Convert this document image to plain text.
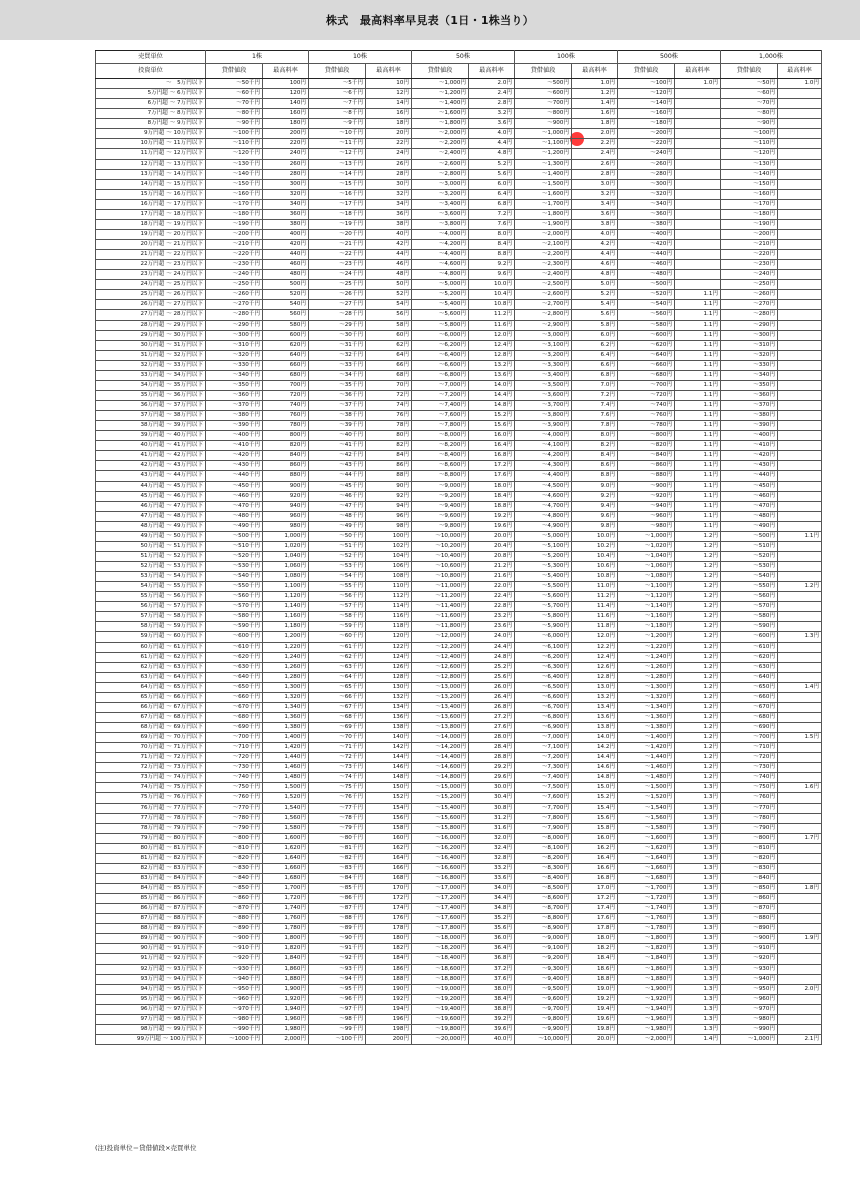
株式　最高料率早見表（1日・1株当り）
売買単位	1株		10株		50株		100株		500株		1,000株	
投資単位	貸借値段	最高料率	貸借値段	最高料率	貸借値段	最高料率	貸借値段	最高料率	貸借値段	最高料率	貸借値段	最高料率
～　5万円以下	～50千円	100円	～5千円	10円	～1,000円	2.0円	～500円	1.0円	～100円	1.0円	～50円	1.0円
5万円超 ～ 6万円以下	～60千円	120円	～6千円	12円	～1,200円	2.4円	～600円	1.2円	～120円		～60円	
6万円超 ～ 7万円以下	～70千円	140円	～7千円	14円	～1,400円	2.8円	～700円	1.4円	～140円		～70円	
7万円超 ～ 8万円以下	～80千円	160円	～8千円	16円	～1,600円	3.2円	～800円	1.6円	～160円		～80円	
8万円超 ～ 9万円以下	～90千円	180円	～9千円	18円	～1,800円	3.6円	～900円	1.8円	～180円		～90円	
9万円超 ～ 10万円以下	～100千円	200円	～10千円	20円	～2,000円	4.0円	～1,000円	2.0円	～200円		～100円	
10万円超 ～ 11万円以下	～110千円	220円	～11千円	22円	～2,200円	4.4円	～1,100円	2.2円	～220円		～110円	
11万円超 ～ 12万円以下	～120千円	240円	～12千円	24円	～2,400円	4.8円	～1,200円	2.4円	～240円		～120円	
12万円超 ～ 13万円以下	～130千円	260円	～13千円	26円	～2,600円	5.2円	～1,300円	2.6円	～260円		～130円	
13万円超 ～ 14万円以下	～140千円	280円	～14千円	28円	～2,800円	5.6円	～1,400円	2.8円	～280円		～140円	
14万円超 ～ 15万円以下	～150千円	300円	～15千円	30円	～3,000円	6.0円	～1,500円	3.0円	～300円		～150円	
15万円超 ～ 16万円以下	～160千円	320円	～16千円	32円	～3,200円	6.4円	～1,600円	3.2円	～320円		～160円	
16万円超 ～ 17万円以下	～170千円	340円	～17千円	34円	～3,400円	6.8円	～1,700円	3.4円	～340円		～170円	
17万円超 ～ 18万円以下	～180千円	360円	～18千円	36円	～3,600円	7.2円	～1,800円	3.6円	～360円		～180円	
18万円超 ～ 19万円以下	～190千円	380円	～19千円	38円	～3,800円	7.6円	～1,900円	3.8円	～380円		～190円	
19万円超 ～ 20万円以下	～200千円	400円	～20千円	40円	～4,000円	8.0円	～2,000円	4.0円	～400円		～200円	
20万円超 ～ 21万円以下	～210千円	420円	～21千円	42円	～4,200円	8.4円	～2,100円	4.2円	～420円		～210円	
21万円超 ～ 22万円以下	～220千円	440円	～22千円	44円	～4,400円	8.8円	～2,200円	4.4円	～440円		～220円	
22万円超 ～ 23万円以下	～230千円	460円	～23千円	46円	～4,600円	9.2円	～2,300円	4.6円	～460円		～230円	
23万円超 ～ 24万円以下	～240千円	480円	～24千円	48円	～4,800円	9.6円	～2,400円	4.8円	～480円		～240円	
24万円超 ～ 25万円以下	～250千円	500円	～25千円	50円	～5,000円	10.0円	～2,500円	5.0円	～500円		～250円	
25万円超 ～ 26万円以下	～260千円	520円	～26千円	52円	～5,200円	10.4円	～2,600円	5.2円	～520円	1.1円	～260円	
26万円超 ～ 27万円以下	～270千円	540円	～27千円	54円	～5,400円	10.8円	～2,700円	5.4円	～540円	1.1円	～270円	
27万円超 ～ 28万円以下	～280千円	560円	～28千円	56円	～5,600円	11.2円	～2,800円	5.6円	～560円	1.1円	～280円	
28万円超 ～ 29万円以下	～290千円	580円	～29千円	58円	～5,800円	11.6円	～2,900円	5.8円	～580円	1.1円	～290円	
29万円超 ～ 30万円以下	～300千円	600円	～30千円	60円	～6,000円	12.0円	～3,000円	6.0円	～600円	1.1円	～300円	
30万円超 ～ 31万円以下	～310千円	620円	～31千円	62円	～6,200円	12.4円	～3,100円	6.2円	～620円	1.1円	～310円	
31万円超 ～ 32万円以下	～320千円	640円	～32千円	64円	～6,400円	12.8円	～3,200円	6.4円	～640円	1.1円	～320円	
32万円超 ～ 33万円以下	～330千円	660円	～33千円	66円	～6,600円	13.2円	～3,300円	6.6円	～660円	1.1円	～330円	
33万円超 ～ 34万円以下	～340千円	680円	～34千円	68円	～6,800円	13.6円	～3,400円	6.8円	～680円	1.1円	～340円	
34万円超 ～ 35万円以下	～350千円	700円	～35千円	70円	～7,000円	14.0円	～3,500円	7.0円	～700円	1.1円	～350円	
35万円超 ～ 36万円以下	～360千円	720円	～36千円	72円	～7,200円	14.4円	～3,600円	7.2円	～720円	1.1円	～360円	
36万円超 ～ 37万円以下	～370千円	740円	～37千円	74円	～7,400円	14.8円	～3,700円	7.4円	～740円	1.1円	～370円	
37万円超 ～ 38万円以下	～380千円	760円	～38千円	76円	～7,600円	15.2円	～3,800円	7.6円	～760円	1.1円	～380円	
38万円超 ～ 39万円以下	～390千円	780円	～39千円	78円	～7,800円	15.6円	～3,900円	7.8円	～780円	1.1円	～390円	
39万円超 ～ 40万円以下	～400千円	800円	～40千円	80円	～8,000円	16.0円	～4,000円	8.0円	～800円	1.1円	～400円	
40万円超 ～ 41万円以下	～410千円	820円	～41千円	82円	～8,200円	16.4円	～4,100円	8.2円	～820円	1.1円	～410円	
41万円超 ～ 42万円以下	～420千円	840円	～42千円	84円	～8,400円	16.8円	～4,200円	8.4円	～840円	1.1円	～420円	
42万円超 ～ 43万円以下	～430千円	860円	～43千円	86円	～8,600円	17.2円	～4,300円	8.6円	～860円	1.1円	～430円	
43万円超 ～ 44万円以下	～440千円	880円	～44千円	88円	～8,800円	17.6円	～4,400円	8.8円	～880円	1.1円	～440円	
44万円超 ～ 45万円以下	～450千円	900円	～45千円	90円	～9,000円	18.0円	～4,500円	9.0円	～900円	1.1円	～450円	
45万円超 ～ 46万円以下	～460千円	920円	～46千円	92円	～9,200円	18.4円	～4,600円	9.2円	～920円	1.1円	～460円	
46万円超 ～ 47万円以下	～470千円	940円	～47千円	94円	～9,400円	18.8円	～4,700円	9.4円	～940円	1.1円	～470円	
47万円超 ～ 48万円以下	～480千円	960円	～48千円	96円	～9,600円	19.2円	～4,800円	9.6円	～960円	1.1円	～480円	
48万円超 ～ 49万円以下	～490千円	980円	～49千円	98円	～9,800円	19.6円	～4,900円	9.8円	～980円	1.1円	～490円	
49万円超 ～ 50万円以下	～500千円	1,000円	～50千円	100円	～10,000円	20.0円	～5,000円	10.0円	～1,000円	1.2円	～500円	1.1円
50万円超 ～ 51万円以下	～510千円	1,020円	～51千円	102円	～10,200円	20.4円	～5,100円	10.2円	～1,020円	1.2円	～510円	
51万円超 ～ 52万円以下	～520千円	1,040円	～52千円	104円	～10,400円	20.8円	～5,200円	10.4円	～1,040円	1.2円	～520円	
52万円超 ～ 53万円以下	～530千円	1,060円	～53千円	106円	～10,600円	21.2円	～5,300円	10.6円	～1,060円	1.2円	～530円	
53万円超 ～ 54万円以下	～540千円	1,080円	～54千円	108円	～10,800円	21.6円	～5,400円	10.8円	～1,080円	1.2円	～540円	
54万円超 ～ 55万円以下	～550千円	1,100円	～55千円	110円	～11,000円	22.0円	～5,500円	11.0円	～1,100円	1.2円	～550円	1.2円
55万円超 ～ 56万円以下	～560千円	1,120円	～56千円	112円	～11,200円	22.4円	～5,600円	11.2円	～1,120円	1.2円	～560円	
56万円超 ～ 57万円以下	～570千円	1,140円	～57千円	114円	～11,400円	22.8円	～5,700円	11.4円	～1,140円	1.2円	～570円	
57万円超 ～ 58万円以下	～580千円	1,160円	～58千円	116円	～11,600円	23.2円	～5,800円	11.6円	～1,160円	1.2円	～580円	
58万円超 ～ 59万円以下	～590千円	1,180円	～59千円	118円	～11,800円	23.6円	～5,900円	11.8円	～1,180円	1.2円	～590円	
59万円超 ～ 60万円以下	～600千円	1,200円	～60千円	120円	～12,000円	24.0円	～6,000円	12.0円	～1,200円	1.2円	～600円	1.3円
60万円超 ～ 61万円以下	～610千円	1,220円	～61千円	122円	～12,200円	24.4円	～6,100円	12.2円	～1,220円	1.2円	～610円	
61万円超 ～ 62万円以下	～620千円	1,240円	～62千円	124円	～12,400円	24.8円	～6,200円	12.4円	～1,240円	1.2円	～620円	
62万円超 ～ 63万円以下	～630千円	1,260円	～63千円	126円	～12,600円	25.2円	～6,300円	12.6円	～1,260円	1.2円	～630円	
63万円超 ～ 64万円以下	～640千円	1,280円	～64千円	128円	～12,800円	25.6円	～6,400円	12.8円	～1,280円	1.2円	～640円	
64万円超 ～ 65万円以下	～650千円	1,300円	～65千円	130円	～13,000円	26.0円	～6,500円	13.0円	～1,300円	1.2円	～650円	1.4円
65万円超 ～ 66万円以下	～660千円	1,320円	～66千円	132円	～13,200円	26.4円	～6,600円	13.2円	～1,320円	1.2円	～660円	
66万円超 ～ 67万円以下	～670千円	1,340円	～67千円	134円	～13,400円	26.8円	～6,700円	13.4円	～1,340円	1.2円	～670円	
67万円超 ～ 68万円以下	～680千円	1,360円	～68千円	136円	～13,600円	27.2円	～6,800円	13.6円	～1,360円	1.2円	～680円	
68万円超 ～ 69万円以下	～690千円	1,380円	～69千円	138円	～13,800円	27.6円	～6,900円	13.8円	～1,380円	1.2円	～690円	
69万円超 ～ 70万円以下	～700千円	1,400円	～70千円	140円	～14,000円	28.0円	～7,000円	14.0円	～1,400円	1.2円	～700円	1.5円
70万円超 ～ 71万円以下	～710千円	1,420円	～71千円	142円	～14,200円	28.4円	～7,100円	14.2円	～1,420円	1.2円	～710円	
71万円超 ～ 72万円以下	～720千円	1,440円	～72千円	144円	～14,400円	28.8円	～7,200円	14.4円	～1,440円	1.2円	～720円	
72万円超 ～ 73万円以下	～730千円	1,460円	～73千円	146円	～14,600円	29.2円	～7,300円	14.6円	～1,460円	1.2円	～730円	
73万円超 ～ 74万円以下	～740千円	1,480円	～74千円	148円	～14,800円	29.6円	～7,400円	14.8円	～1,480円	1.2円	～740円	
74万円超 ～ 75万円以下	～750千円	1,500円	～75千円	150円	～15,000円	30.0円	～7,500円	15.0円	～1,500円	1.3円	～750円	1.6円
75万円超 ～ 76万円以下	～760千円	1,520円	～76千円	152円	～15,200円	30.4円	～7,600円	15.2円	～1,520円	1.3円	～760円	
76万円超 ～ 77万円以下	～770千円	1,540円	～77千円	154円	～15,400円	30.8円	～7,700円	15.4円	～1,540円	1.3円	～770円	
77万円超 ～ 78万円以下	～780千円	1,560円	～78千円	156円	～15,600円	31.2円	～7,800円	15.6円	～1,560円	1.3円	～780円	
78万円超 ～ 79万円以下	～790千円	1,580円	～79千円	158円	～15,800円	31.6円	～7,900円	15.8円	～1,580円	1.3円	～790円	
79万円超 ～ 80万円以下	～800千円	1,600円	～80千円	160円	～16,000円	32.0円	～8,000円	16.0円	～1,600円	1.3円	～800円	1.7円
80万円超 ～ 81万円以下	～810千円	1,620円	～81千円	162円	～16,200円	32.4円	～8,100円	16.2円	～1,620円	1.3円	～810円	
81万円超 ～ 82万円以下	～820千円	1,640円	～82千円	164円	～16,400円	32.8円	～8,200円	16.4円	～1,640円	1.3円	～820円	
82万円超 ～ 83万円以下	～830千円	1,660円	～83千円	166円	～16,600円	33.2円	～8,300円	16.6円	～1,660円	1.3円	～830円	
83万円超 ～ 84万円以下	～840千円	1,680円	～84千円	168円	～16,800円	33.6円	～8,400円	16.8円	～1,680円	1.3円	～840円	
84万円超 ～ 85万円以下	～850千円	1,700円	～85千円	170円	～17,000円	34.0円	～8,500円	17.0円	～1,700円	1.3円	～850円	1.8円
85万円超 ～ 86万円以下	～860千円	1,720円	～86千円	172円	～17,200円	34.4円	～8,600円	17.2円	～1,720円	1.3円	～860円	
86万円超 ～ 87万円以下	～870千円	1,740円	～87千円	174円	～17,400円	34.8円	～8,700円	17.4円	～1,740円	1.3円	～870円	
87万円超 ～ 88万円以下	～880千円	1,760円	～88千円	176円	～17,600円	35.2円	～8,800円	17.6円	～1,760円	1.3円	～880円	
88万円超 ～ 89万円以下	～890千円	1,780円	～89千円	178円	～17,800円	35.6円	～8,900円	17.8円	～1,780円	1.3円	～890円	
89万円超 ～ 90万円以下	～900千円	1,800円	～90千円	180円	～18,000円	36.0円	～9,000円	18.0円	～1,800円	1.3円	～900円	1.9円
90万円超 ～ 91万円以下	～910千円	1,820円	～91千円	182円	～18,200円	36.4円	～9,100円	18.2円	～1,820円	1.3円	～910円	
91万円超 ～ 92万円以下	～920千円	1,840円	～92千円	184円	～18,400円	36.8円	～9,200円	18.4円	～1,840円	1.3円	～920円	
92万円超 ～ 93万円以下	～930千円	1,860円	～93千円	186円	～18,600円	37.2円	～9,300円	18.6円	～1,860円	1.3円	～930円	
93万円超 ～ 94万円以下	～940千円	1,880円	～94千円	188円	～18,800円	37.6円	～9,400円	18.8円	～1,880円	1.3円	～940円	
94万円超 ～ 95万円以下	～950千円	1,900円	～95千円	190円	～19,000円	38.0円	～9,500円	19.0円	～1,900円	1.3円	～950円	2.0円
95万円超 ～ 96万円以下	～960千円	1,920円	～96千円	192円	～19,200円	38.4円	～9,600円	19.2円	～1,920円	1.3円	～960円	
96万円超 ～ 97万円以下	～970千円	1,940円	～97千円	194円	～19,400円	38.8円	～9,700円	19.4円	～1,940円	1.3円	～970円	
97万円超 ～ 98万円以下	～980千円	1,960円	～98千円	196円	～19,600円	39.2円	～9,800円	19.6円	～1,960円	1.3円	～980円	
98万円超 ～ 99万円以下	～990千円	1,980円	～99千円	198円	～19,800円	39.6円	～9,900円	19.8円	～1,980円	1.3円	～990円	
99万円超 ～ 100万円以下	～1000千円	2,000円	～100千円	200円	～20,000円	40.0円	～10,000円	20.0円	～2,000円	1.4円	～1,000円	2.1円
(注)投資単位＝貸借値段×売買単位
